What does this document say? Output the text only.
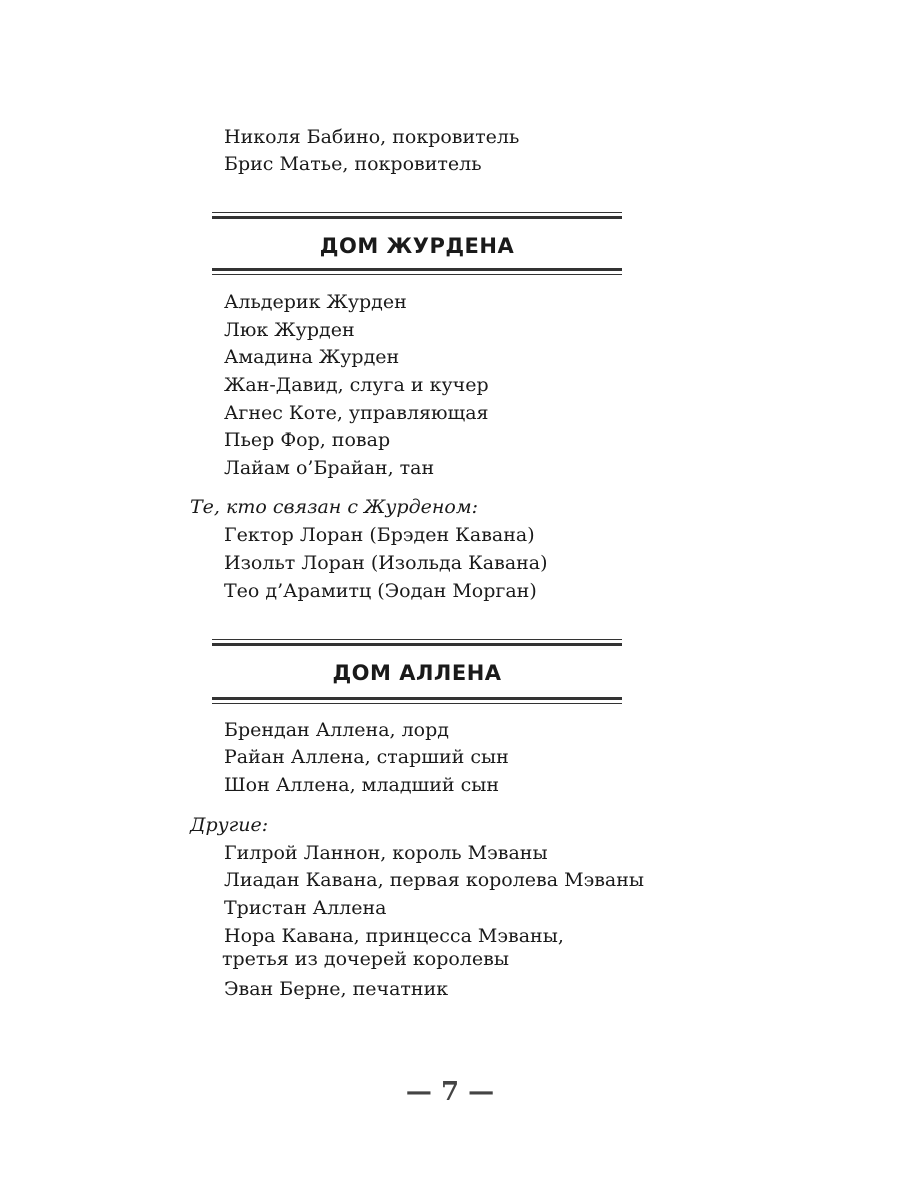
Николя Бабино, покровитель
Брис Матье, покровитель
ДОМ ЖУРДЕНА
Альдерик Журден
Люк Журден
Амадина Журден
Жан-Давид, слуга и кучер
Агнес Коте, управляющая
Пьер Фор, повар
Лайам о’Брайан, тан
Те, кто связан с Журденом:
Гектор Лоран (Брэден Кавана)
Изольт Лоран (Изольда Кавана)
Тео д’Арамитц (Эодан Морган)
ДОМ АЛЛЕНА
Брендан Аллена, лорд
Райан Аллена, старший сын
Шон Аллена, младший сын
Другие:
Гилрой Ланнон, король Мэваны
Лиадан Кавана, первая королева Мэваны
Тристан Аллена
Нора Кавана, принцесса Мэваны,
третья из дочерей королевы
Эван Берне, печатник
— 7 —
